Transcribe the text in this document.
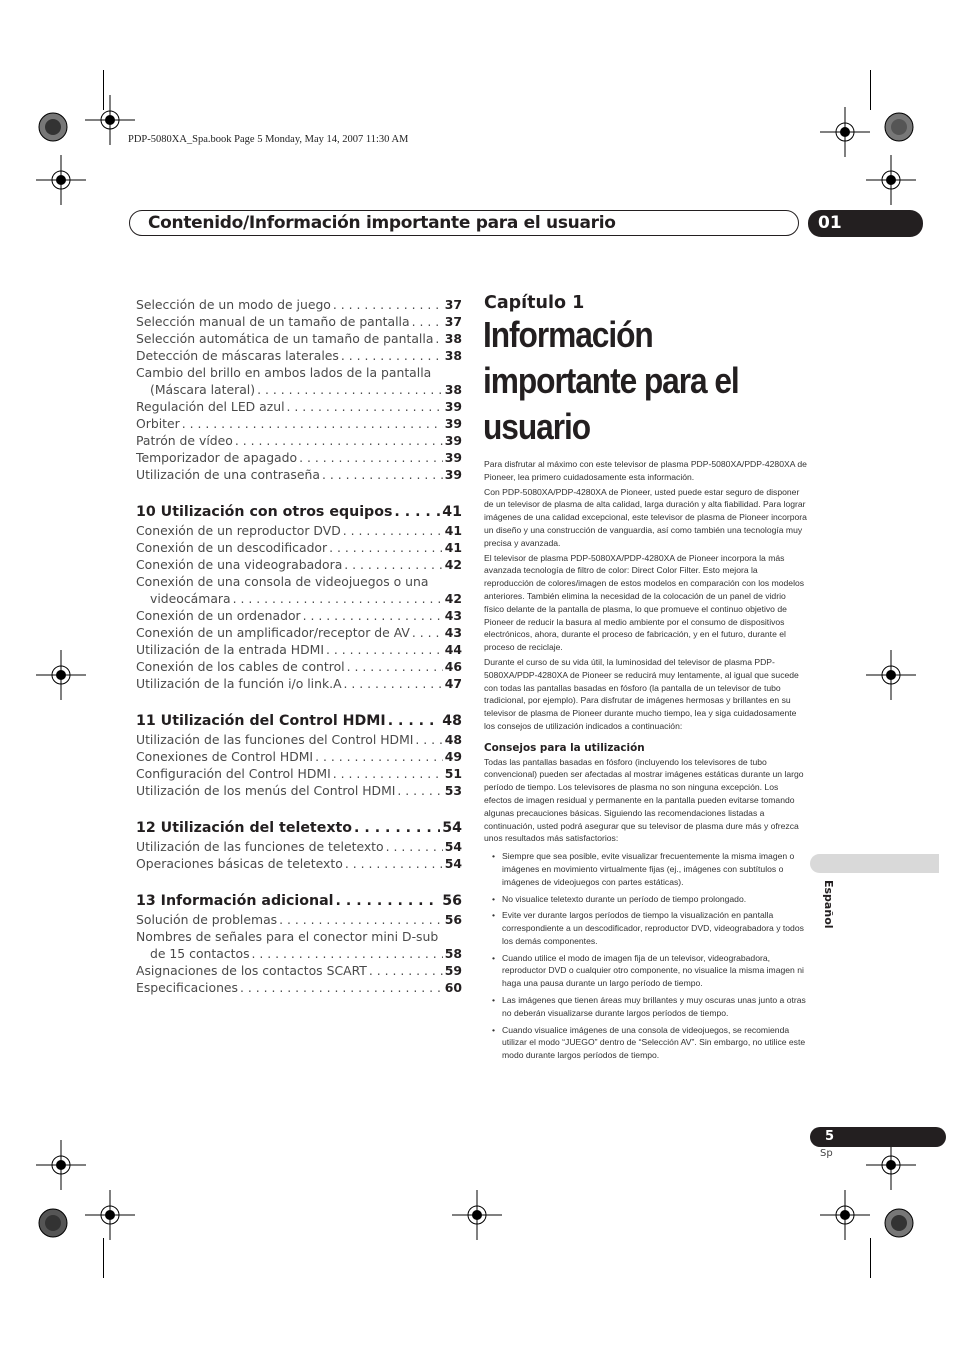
PDP-5080XA_Spa.book Page 5 Monday, May 14, 2007 11:30 AM
Contenido/Información importante para el usuario	01
Selección de un modo de juego . . .	37
Selección manual de un tamaño de pantalla . . .	37
Selección automática de un tamaño de pantalla . . . 38
Detección de máscaras laterales . . .	38
Cambio del brillo en ambos lados de la pantalla
(Máscara lateral) . . .	38
Regulación del LED azul . . .	39
Orbiter . . .	39
Patrón de vídeo . . .	39
Temporizador de apagado . . .	39
Utilización de una contraseña . . .	39
10 Utilización con otros equipos . . .	41
Conexión de un reproductor DVD . . .	41
Conexión de un descodificador . . .	41
Conexión de una videograbadora . . .	42
Conexión de una consola de videojuegos o una
videocámara . . .	42
Conexión de un ordenador . . .	43
Conexión de un amplificador/receptor de AV . . .	43
Utilización de la entrada HDMI . . .	44
Conexión de los cables de control . . .	46
Utilización de la función i/o link.A . . .	47
11 Utilización del Control HDMI . . .	48
Utilización de las funciones del Control HDMI . . .	48
Conexiones de Control HDMI . . .	49
Configuración del Control HDMI . . .	51
Utilización de los menús del Control HDMI . . .	53
12 Utilización del teletexto . . .	54
Utilización de las funciones de teletexto . . .	54
Operaciones básicas de teletexto . . .	54
13 Información adicional . . .	56
Solución de problemas . . .	56
Nombres de señales para el conector mini D-sub
de 15 contactos . . .	58
Asignaciones de los contactos SCART . . .	59
Especificaciones . . .	60
Capítulo 1
Información importante para el usuario

Para disfrutar al máximo con este televisor de plasma PDP-5080XA/PDP-4280XA de Pioneer, lea primero cuidadosamente esta información.

Con PDP-5080XA/PDP-4280XA de Pioneer, usted puede estar seguro de disponer de un televisor de plasma de alta calidad, larga duración y alta fiabilidad. Para lograr imágenes de una calidad excepcional, este televisor de plasma de Pioneer incorpora un diseño y una construcción de vanguardia, así como también una tecnología muy precisa y avanzada.

El televisor de plasma PDP-5080XA/PDP-4280XA de Pioneer incorpora la más avanzada tecnología de filtro de color: Direct Color Filter. Esto mejora la reproducción de colores/imagen de estos modelos en comparación con los modelos anteriores. También elimina la necesidad de la colocación de un panel de vidrio físico delante de la pantalla de plasma, lo que promueve el continuo objetivo de Pioneer de reducir la basura al medio ambiente por el consumo de dispositivos electrónicos, ahora, durante el proceso de fabricación, y en el futuro, durante el proceso de reciclaje.

Durante el curso de su vida útil, la luminosidad del televisor de plasma PDP-5080XA/PDP-4280XA de Pioneer se reducirá muy lentamente, al igual que sucede con todas las pantallas basadas en fósforo (la pantalla de un televisor de tubo tradicional, por ejemplo). Para disfrutar de imágenes hermosas y brillantes en su televisor de plasma de Pioneer durante mucho tiempo, lea y siga cuidadosamente los consejos de utilización indicados a continuación:

Consejos para la utilización

Todas las pantallas basadas en fósforo (incluyendo los televisores de tubo convencional) pueden ser afectadas al mostrar imágenes estáticas durante un largo período de tiempo. Los televisores de plasma no son ninguna excepción. Los efectos de imagen residual y permanente en la pantalla pueden evitarse tomando algunas precauciones básicas. Siguiendo las recomendaciones listadas a continuación, usted podrá asegurar que su televisor de plasma dure más y ofrezca unos resultados más satisfactorios:

• Siempre que sea posible, evite visualizar frecuentemente la misma imagen o imágenes en movimiento virtualmente fijas (ej., imágenes con subtítulos o imágenes de videojuegos con partes estáticas).
• No visualice teletexto durante un período de tiempo prolongado.
• Evite ver durante largos períodos de tiempo la visualización en pantalla correspondiente a un descodificador, reproductor DVD, videograbadora y todos los demás componentes.
• Cuando utilice el modo de imagen fija de un televisor, videograbadora, reproductor DVD o cualquier otro componente, no visualice la misma imagen ni haga una pausa durante un largo período de tiempo.
• Las imágenes que tienen áreas muy brillantes y muy oscuras unas junto a otras no deberán visualizarse durante largos períodos de tiempo.
• Cuando visualice imágenes de una consola de videojuegos, se recomienda utilizar el modo “JUEGO” dentro de “Selección AV”. Sin embargo, no utilice este modo durante largos períodos de tiempo.
Español
5
Sp
